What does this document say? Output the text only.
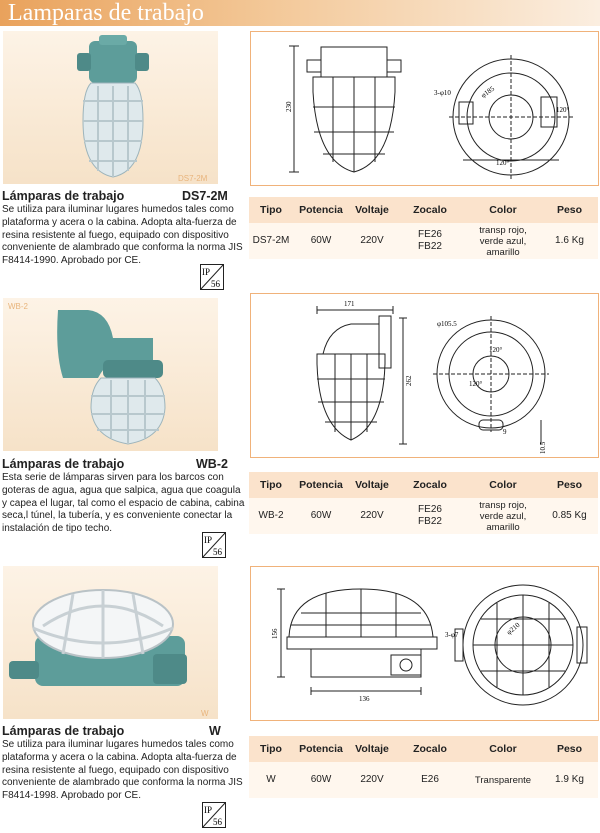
Lamparas de trabajo
DS7-2M
230
3-φ10	φ185
120°
120°
Lámparas de trabajo	DS7-2M
Se utiliza para iluminar lugares humedos tales como plataforma y acera o la cabina. Adopta alta-fuerza de resina resistente al fuego, equipado con dispositivo conveniente de alambrado que conforma la norma JIS F8414-1990. Aprobado por CE.
IP
56
Tipo	Potencia	Voltaje	Zocalo	Color	Peso
DS7-2M	60W	220V	FE26 FB22	transp rojo, verde azul, amarillo	1.6 Kg
WB-2	171
262
φ105.5
120°
120°
9
10.5
Lámparas de trabajo	WB-2
Esta serie de lámparas sirven para los barcos con goteras de agua, agua que salpica, agua que coagula y capea el lugar, tal como el espacio de cabina, cabina seca,l túnel, la tubería, y es conveniente conectar la instalación de tipo techo.
IP
56
Tipo	Potencia	Voltaje	Zocalo	Color	Peso
WB-2	60W	220V	FE26 FB22	transp rojo, verde azul, amarillo	0.85 Kg
W
156
136
3-φ7	φ210
Lámparas de trabajo	W
Se utiliza para iluminar lugares humedos tales como plataforma y acera o la cabina. Adopta alta-fuerza de resina resistente al fuego, equipado con dispositivo conveniente de alambrado que conforma la norma JIS F8414-1998. Aprobado por CE.
IP
56
Tipo	Potencia	Voltaje	Zocalo	Color	Peso
W	60W	220V	E26	Transparente	1.9 Kg
